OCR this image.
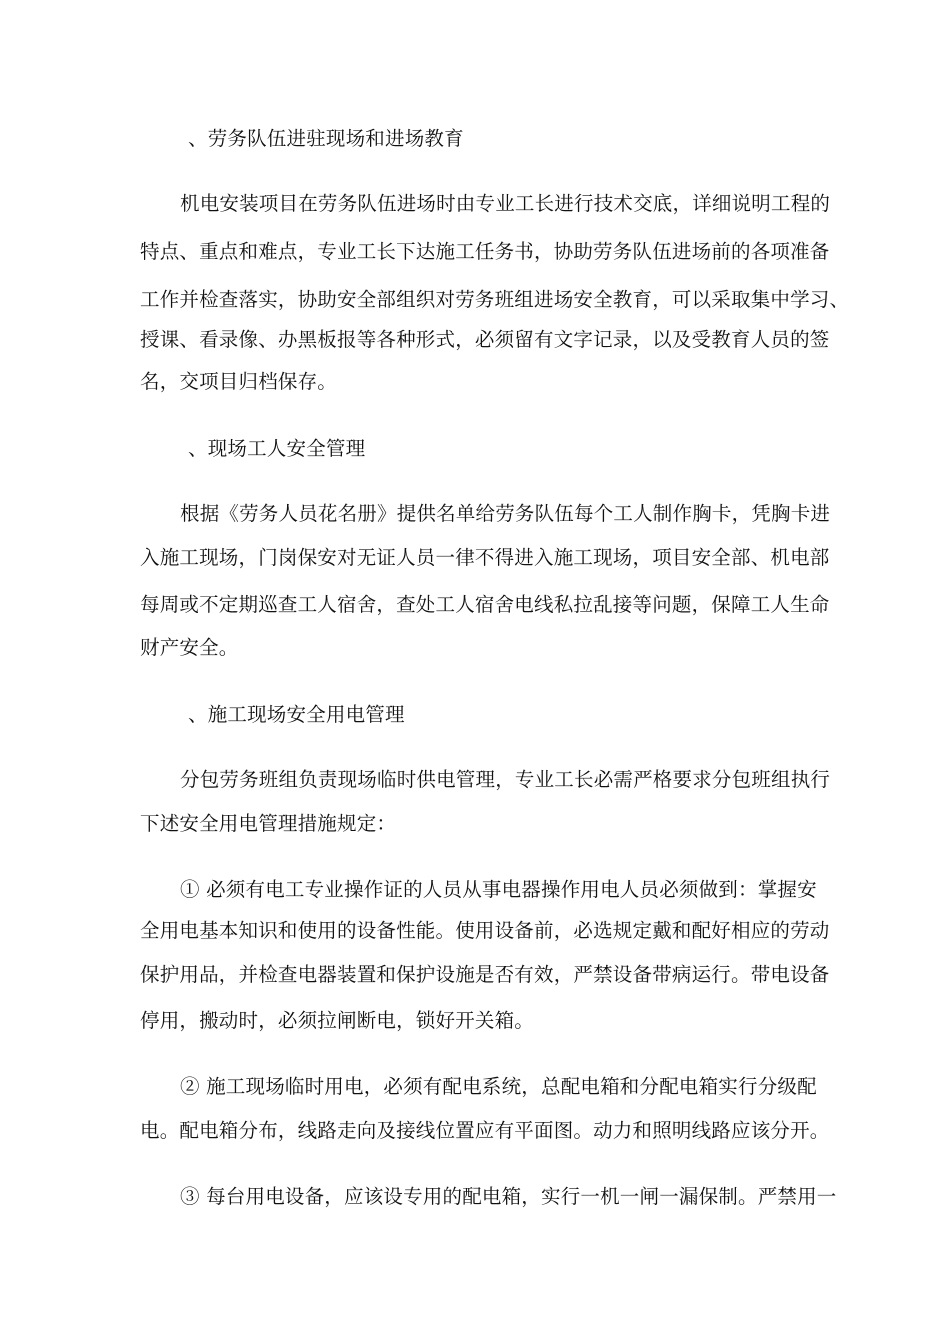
、劳务队伍进驻现场和进场教育
机电安装项目在劳务队伍进场时由专业工长进行技术交底，详细说明工程的
特点、重点和难点，专业工长下达施工任务书，协助劳务队伍进场前的各项准备
工作并检查落实，协助安全部组织对劳务班组进场安全教育，可以采取集中学习、
授课、看录像、办黑板报等各种形式，必须留有文字记录，以及受教育人员的签
名，交项目归档保存。
、现场工人安全管理
根据《劳务人员花名册》提供名单给劳务队伍每个工人制作胸卡，凭胸卡进
入施工现场，门岗保安对无证人员一律不得进入施工现场，项目安全部、机电部
每周或不定期巡查工人宿舍，查处工人宿舍电线私拉乱接等问题，保障工人生命
财产安全。
、施工现场安全用电管理
分包劳务班组负责现场临时供电管理，专业工长必需严格要求分包班组执行
下述安全用电管理措施规定：
① 必须有电工专业操作证的人员从事电器操作用电人员必须做到：掌握安
全用电基本知识和使用的设备性能。使用设备前，必选规定戴和配好相应的劳动
保护用品，并检查电器装置和保护设施是否有效，严禁设备带病运行。带电设备
停用，搬动时，必须拉闸断电，锁好开关箱。
② 施工现场临时用电，必须有配电系统，总配电箱和分配电箱实行分级配
电。配电箱分布，线路走向及接线位置应有平面图。动力和照明线路应该分开。
③ 每台用电设备，应该设专用的配电箱，实行一机一闸一漏保制。严禁用一
